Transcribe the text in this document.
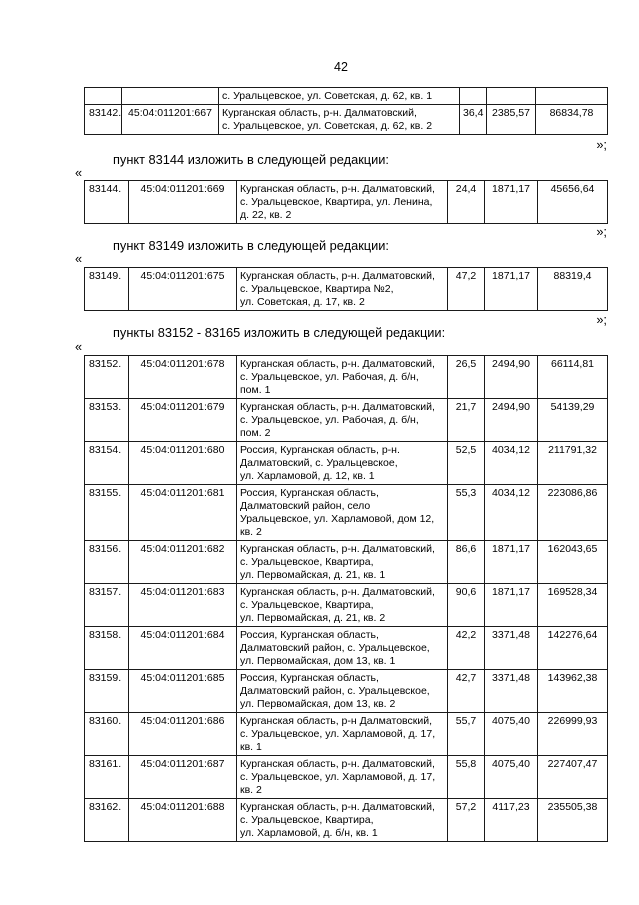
42

		с. Уральцевское, ул. Советская, д. 62, кв. 1			

83142.	45:04:011201:667	Курганская область, р-н. Далматовский,
с. Уральцевское, ул. Советская, д. 62, кв. 2	36,4	2385,57	86834,78
»;
пункт 83144 изложить в следующей редакции:
«
83144.	45:04:011201:669	Курганская область, р-н. Далматовский,
с. Уральцевское, Квартира, ул. Ленина,
д. 22, кв. 2
	24,4	1871,17	45656,64
»;
пункт 83149 изложить в следующей редакции:
«
83149.	45:04:011201:675	Курганская область, р-н. Далматовский,
с. Уральцевское, Квартира №2,
ул. Советская, д. 17, кв. 2
	47,2	1871,17	88319,4
»;
пункты 83152 - 83165 изложить в следующей редакции:
«
83152.	45:04:011201:678	Курганская область, р-н. Далматовский,
с. Уральцевское, ул. Рабочая, д. б/н,
пом. 1	26,5	2494,90	66114,81
83153.	45:04:011201:679	Курганская область, р-н. Далматовский,
с. Уральцевское, ул. Рабочая, д. б/н,
пом. 2	21,7	2494,90	54139,29
83154.	45:04:011201:680	Россия, Курганская область, р-н.
Далматовский, с. Уральцевское,
ул. Харламовой, д. 12, кв. 1	52,5	4034,12	211791,32
83155.	45:04:011201:681	Россия, Курганская область,
Далматовский район, село
Уральцевское, ул. Харламовой, дом 12,
кв. 2	55,3	4034,12	223086,86
83156.	45:04:011201:682	Курганская область, р-н. Далматовский,
с. Уральцевское, Квартира,
ул. Первомайская, д. 21, кв. 1	86,6	1871,17	162043,65
83157.	45:04:011201:683	Курганская область, р-н. Далматовский,
с. Уральцевское, Квартира,
ул. Первомайская, д. 21, кв. 2	90,6	1871,17	169528,34
83158.	45:04:011201:684	Россия, Курганская область,
Далматовский район, с. Уральцевское,
ул. Первомайская, дом 13, кв. 1	42,2	3371,48	142276,64
83159.	45:04:011201:685	Россия, Курганская область,
Далматовский район, с. Уральцевское,
ул. Первомайская, дом 13, кв. 2	42,7	3371,48	143962,38
83160.	45:04:011201:686	Курганская область, р-н Далматовский,
с. Уральцевское, ул. Харламовой, д. 17,
кв. 1	55,7	4075,40	226999,93
83161.	45:04:011201:687	Курганская область, р-н. Далматовский,
с. Уральцевское, ул. Харламовой, д. 17,
кв. 2	55,8	4075,40	227407,47
83162.	45:04:011201:688	Курганская область, р-н. Далматовский,
с. Уральцевское, Квартира,
ул. Харламовой, д. б/н, кв. 1	57,2	4117,23	235505,38
